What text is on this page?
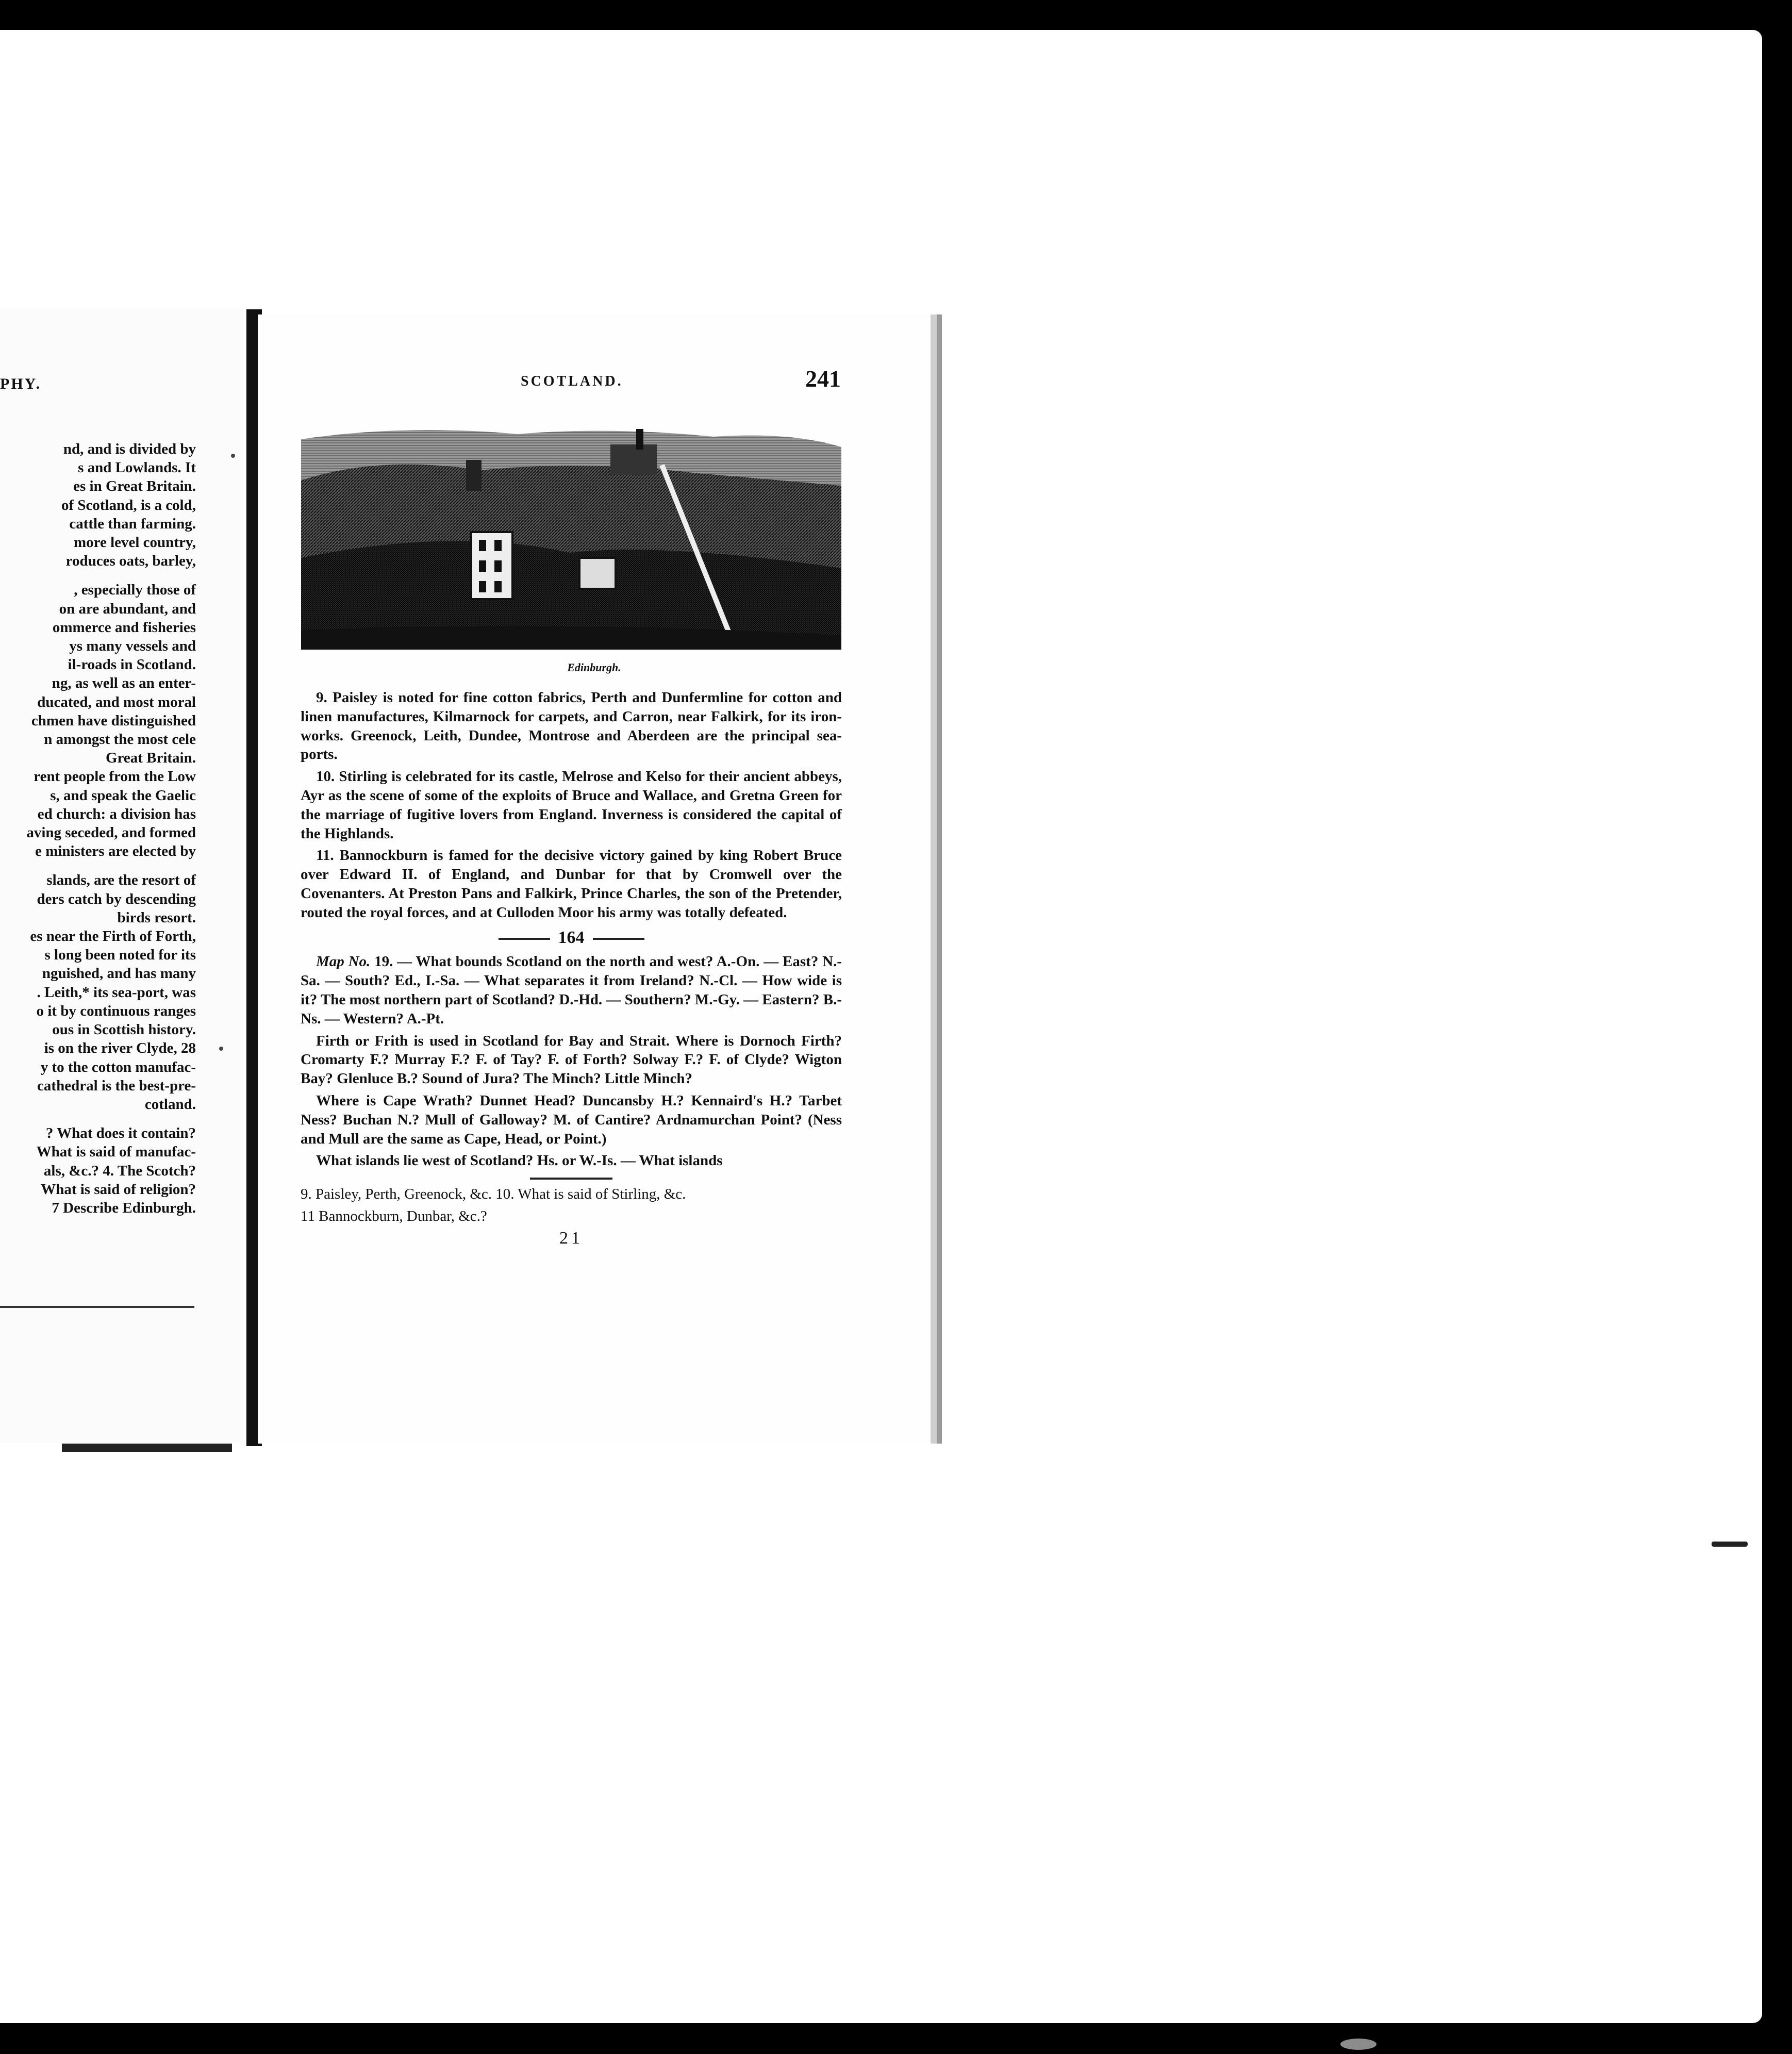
PHY.
nd, and is divided by
s and Lowlands. It
es in Great Britain.
of Scotland, is a cold,
cattle than farming.
more level country,
roduces oats, barley,
, especially those of
on are abundant, and
ommerce and fisheries
ys many vessels and
il-roads in Scotland.
ng, as well as an enter-
ducated, and most moral
chmen have distinguished
n amongst the most cele
Great Britain.
rent people from the Low
s, and speak the Gaelic
ed church: a division has
aving seceded, and formed
e ministers are elected by
slands, are the resort of
ders catch by descending
birds resort.
es near the Firth of Forth,
s long been noted for its
nguished, and has many
. Leith,* its sea-port, was
o it by continuous ranges
ous in Scottish history.
is on the river Clyde, 28
y to the cotton manufac-
cathedral is the best-pre-
cotland.
? What does it contain?
What is said of manufac-
als, &c.? 4. The Scotch?
What is said of religion?
7 Describe Edinburgh.
SCOTLAND.	241
Edinburgh.

9. Paisley is noted for fine cotton fabrics, Perth and Dunfermline for cotton and linen manufactures, Kilmarnock for carpets, and Carron, near Falkirk, for its iron-works. Greenock, Leith, Dundee, Montrose and Aberdeen are the principal sea-ports.

10. Stirling is celebrated for its castle, Melrose and Kelso for their ancient abbeys, Ayr as the scene of some of the exploits of Bruce and Wallace, and Gretna Green for the marriage of fugitive lovers from England. Inverness is considered the capital of the Highlands.

11. Bannockburn is famed for the decisive victory gained by king Robert Bruce over Edward II. of England, and Dunbar for that by Cromwell over the Covenanters. At Preston Pans and Falkirk, Prince Charles, the son of the Pretender, routed the royal forces, and at Culloden Moor his army was totally defeated.

164

Map No. 19. — What bounds Scotland on the north and west? A.-On. — East? N.-Sa. — South? Ed., I.-Sa. — What separates it from Ireland? N.-Cl. — How wide is it? The most northern part of Scotland? D.-Hd. — Southern? M.-Gy. — Eastern? B.-Ns. — Western? A.-Pt.

Firth or Frith is used in Scotland for Bay and Strait. Where is Dornoch Firth? Cromarty F.? Murray F.? F. of Tay? F. of Forth? Solway F.? F. of Clyde? Wigton Bay? Glenluce B.? Sound of Jura? The Minch? Little Minch?

Where is Cape Wrath? Dunnet Head? Duncansby H.? Kennaird's H.? Tarbet Ness? Buchan N.? Mull of Galloway? M. of Cantire? Ardnamurchan Point? (Ness and Mull are the same as Cape, Head, or Point.)

What islands lie west of Scotland? Hs. or W.-Is. — What islands

9. Paisley, Perth, Greenock, &c. 10. What is said of Stirling, &c.

11 Bannockburn, Dunbar, &c.?

21
